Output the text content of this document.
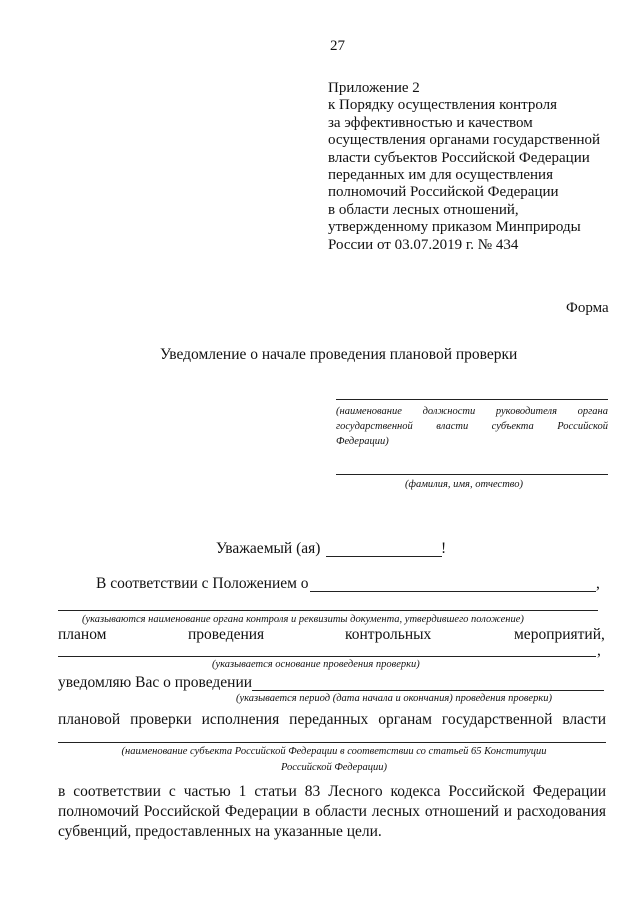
27
Приложение 2
к Порядку осуществления контроля
за эффективностью и качеством
осуществления органами государственной
власти субъектов Российской Федерации
переданных им для осуществления
полномочий Российской Федерации
в области лесных отношений,
утвержденному приказом Минприроды
России от 03.07.2019 г. № 434
Форма
Уведомление о начале проведения плановой проверки
(наименование должности руководителя органа
государственной власти субъекта Российской
Федерации)
(фамилия, имя, отчество)
Уважаемый (ая)	!
В соответствии с Положением о	,
(указываются наименование органа контроля и реквизиты документа, утвердившего положение)
планом	проведения	контрольных	мероприятий,
,
(указывается основание проведения проверки)
уведомляю Вас о проведении
(указывается период (дата начала и окончания) проведения проверки)
плановой проверки исполнения переданных органам государственной власти
(наименование субъекта Российской Федерации в соответствии со статьей 65 Конституции
Российской Федерации)
в соответствии с частью 1 статьи 83 Лесного кодекса Российской Федерации
полномочий Российской Федерации в области лесных отношений и расходования
субвенций, предоставленных на указанные цели.
